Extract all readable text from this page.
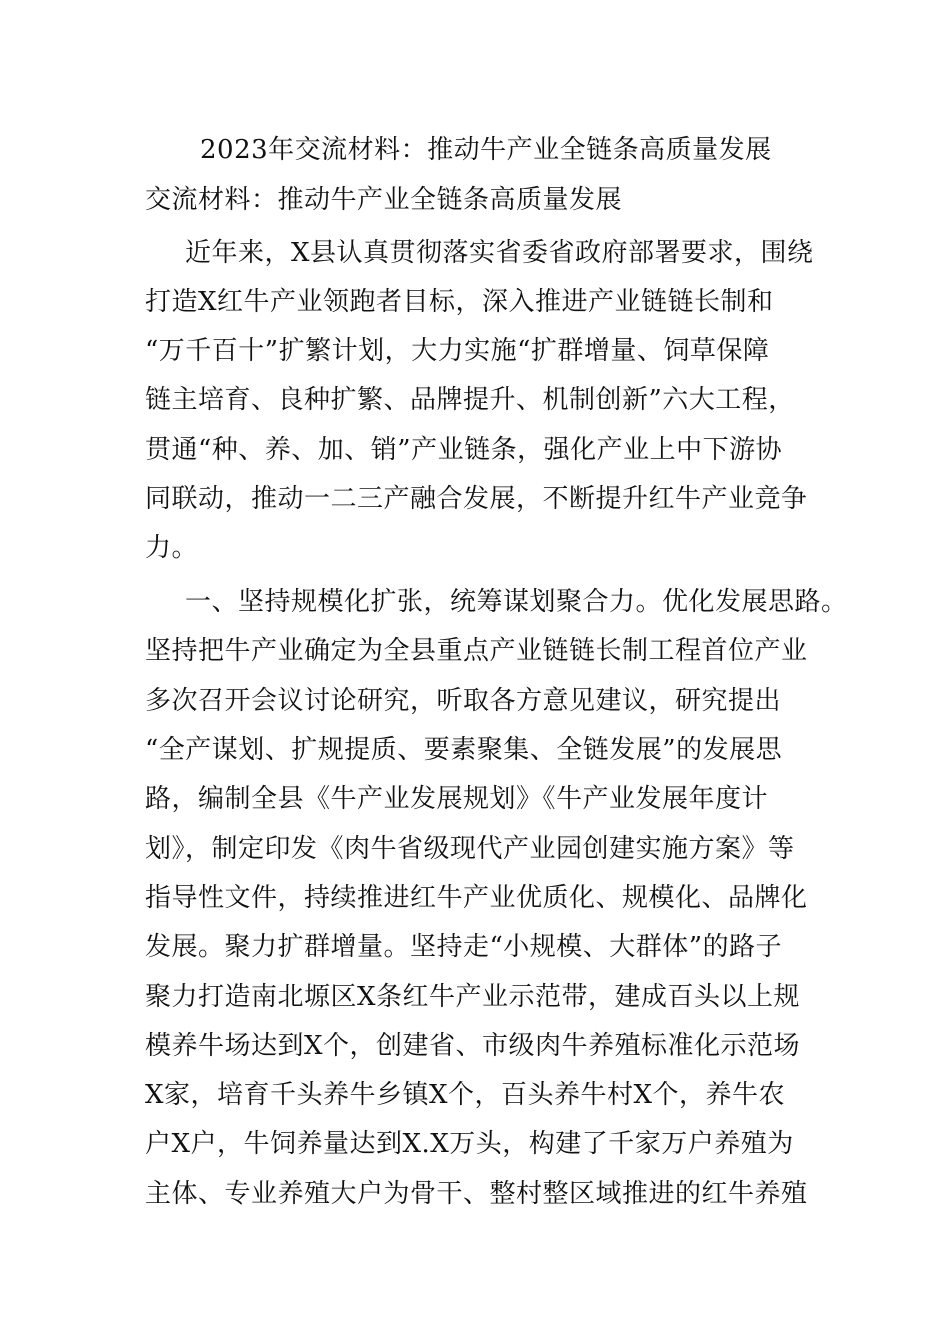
2023年交流材料：推动牛产业全链条高质量发展
交流材料：推动牛产业全链条高质量发展
近年来，X县认真贯彻落实省委省政府部署要求，围绕
打造X红牛产业领跑者目标，深入推进产业链链长制和
“万千百十”扩繁计划，大力实施“扩群增量、饲草保障
链主培育、良种扩繁、品牌提升、机制创新”六大工程，
贯通“种、养、加、销”产业链条，强化产业上中下游协
同联动，推动一二三产融合发展，不断提升红牛产业竞争
力。
一、坚持规模化扩张，统筹谋划聚合力。优化发展思路。
坚持把牛产业确定为全县重点产业链链长制工程首位产业
多次召开会议讨论研究，听取各方意见建议，研究提出
“全产谋划、扩规提质、要素聚集、全链发展”的发展思
路，编制全县《牛产业发展规划》《牛产业发展年度计
划》，制定印发《肉牛省级现代产业园创建实施方案》等
指导性文件，持续推进红牛产业优质化、规模化、品牌化
发展。聚力扩群增量。坚持走“小规模、大群体”的路子
聚力打造南北塬区X条红牛产业示范带，建成百头以上规
模养牛场达到X个，创建省、市级肉牛养殖标准化示范场
X家，培育千头养牛乡镇X个，百头养牛村X个，养牛农
户X户，牛饲养量达到X.X万头，构建了千家万户养殖为
主体、专业养殖大户为骨干、整村整区域推进的红牛养殖
